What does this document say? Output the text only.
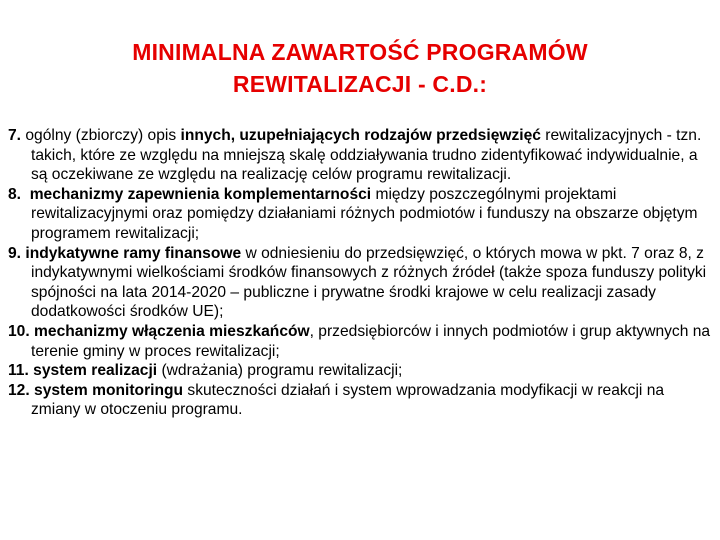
MINIMALNA ZAWARTOŚĆ PROGRAMÓW
REWITALIZACJI - C.D.:
7. ogólny (zbiorczy) opis innych, uzupełniających rodzajów przedsięwzięć rewitalizacyjnych - tzn. takich, które ze względu na mniejszą skalę oddziaływania trudno zidentyfikować indywidualnie, a są oczekiwane ze względu na realizację celów programu rewitalizacji.
8. mechanizmy zapewnienia komplementarności między poszczególnymi projektami rewitalizacyjnymi oraz pomiędzy działaniami różnych podmiotów i funduszy na obszarze objętym programem rewitalizacji;
9. indykatywne ramy finansowe w odniesieniu do przedsięwzięć, o których mowa w pkt. 7 oraz 8, z indykatywnymi wielkościami środków finansowych z różnych źródeł (także spoza funduszy polityki spójności na lata 2014-2020 – publiczne i prywatne środki krajowe w celu realizacji zasady dodatkowości środków UE);
10. mechanizmy włączenia mieszkańców, przedsiębiorców i innych podmiotów i grup aktywnych na terenie gminy w proces rewitalizacji;
11. system realizacji (wdrażania) programu rewitalizacji;
12. system monitoringu skuteczności działań i system wprowadzania modyfikacji w reakcji na zmiany w otoczeniu programu.
